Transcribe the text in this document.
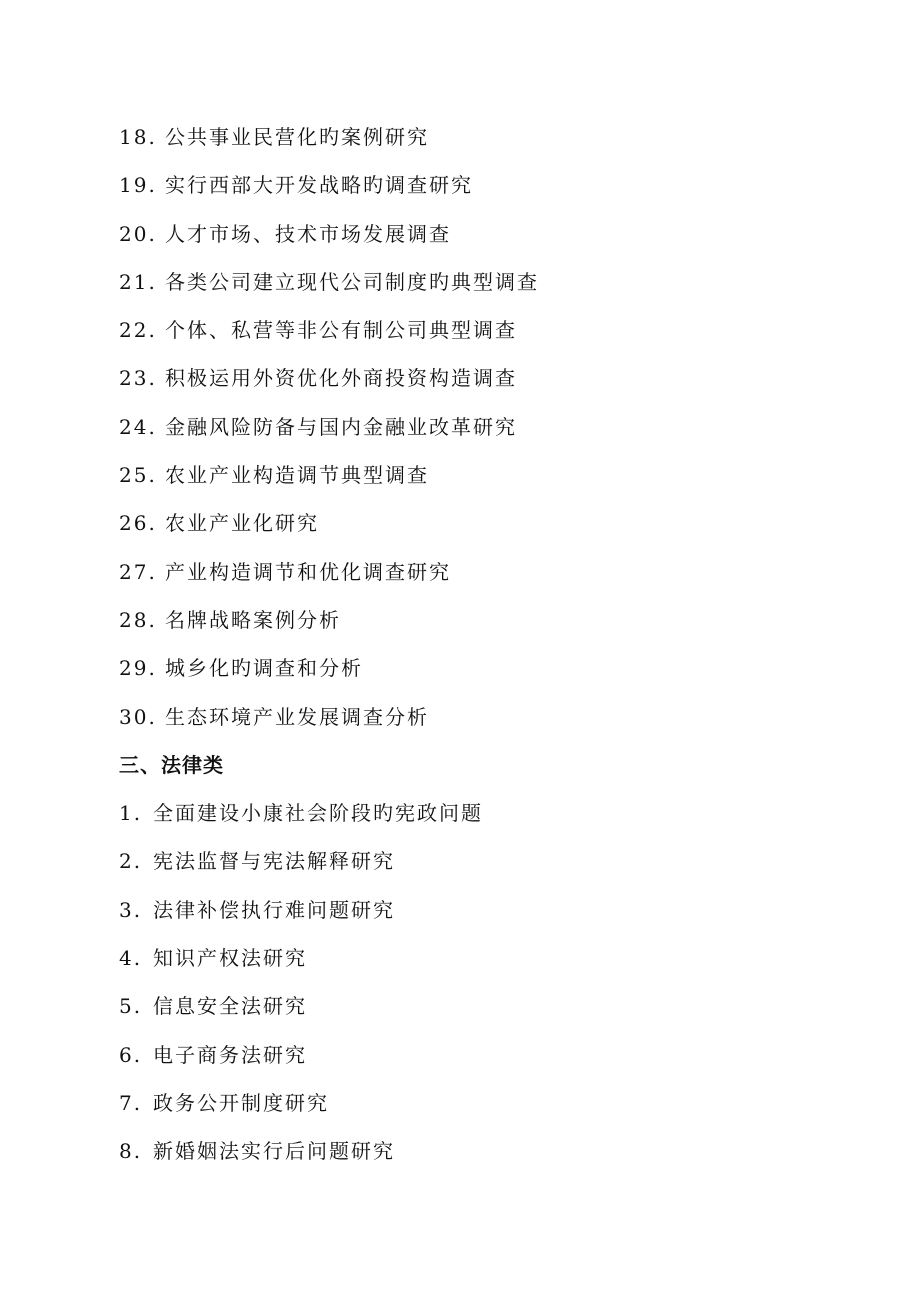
18. 公共事业民营化旳案例研究
19. 实行西部大开发战略旳调查研究
20. 人才市场、技术市场发展调查
21. 各类公司建立现代公司制度旳典型调查
22. 个体、私营等非公有制公司典型调查
23. 积极运用外资优化外商投资构造调查
24. 金融风险防备与国内金融业改革研究
25. 农业产业构造调节典型调查
26. 农业产业化研究
27. 产业构造调节和优化调查研究
28. 名牌战略案例分析
29. 城乡化旳调查和分析
30. 生态环境产业发展调查分析
三、法律类
1. 全面建设小康社会阶段旳宪政问题
2. 宪法监督与宪法解释研究
3. 法律补偿执行难问题研究
4. 知识产权法研究
5. 信息安全法研究
6. 电子商务法研究
7. 政务公开制度研究
8. 新婚姻法实行后问题研究
